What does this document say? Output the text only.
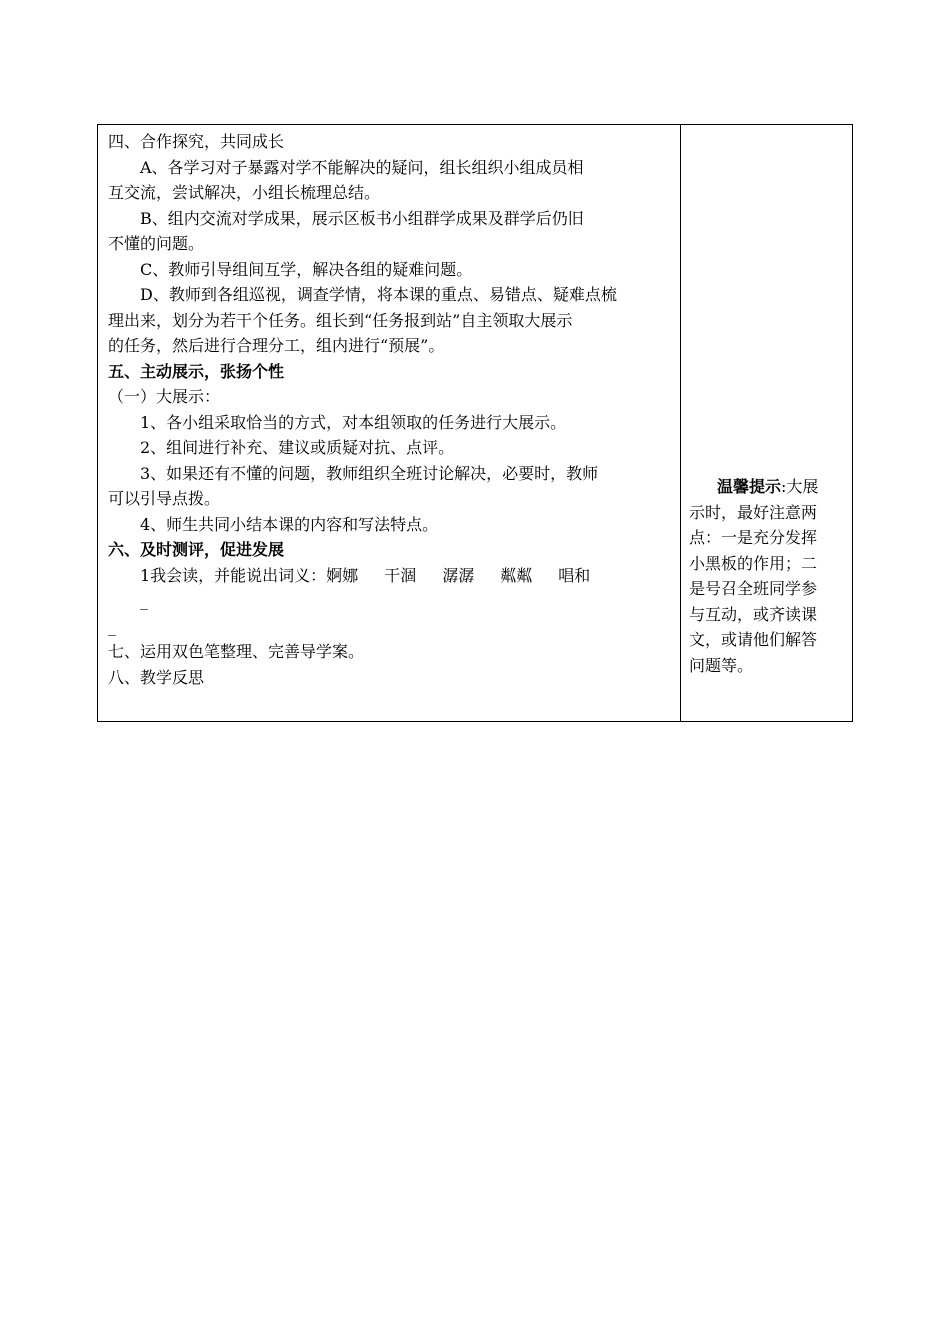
四、合作探究，共同成长
A、各学习对子暴露对学不能解决的疑问，组长组织小组成员相
互交流，尝试解决，小组长梳理总结。
B、组内交流对学成果，展示区板书小组群学成果及群学后仍旧
不懂的问题。
C、教师引导组间互学，解决各组的疑难问题。
D、教师到各组巡视，调查学情，将本课的重点、易错点、疑难点梳
理出来，划分为若干个任务。组长到“任务报到站”自主领取大展示
的任务，然后进行合理分工，组内进行“预展”。
五、主动展示，张扬个性
（一）大展示：
1、各小组采取恰当的方式，对本组领取的任务进行大展示。
2、组间进行补充、建议或质疑对抗、点评。
3、如果还有不懂的问题，教师组织全班讨论解决，必要时，教师
可以引导点拨。
4、师生共同小结本课的内容和写法特点。
六、及时测评，促进发展
1我会读，并能说出词义：婀娜 干涸 潺潺 粼粼 唱和
_
_
七、运用双色笔整理、完善导学案。
八、教学反思
温馨提示:大展
示时，最好注意两
点：一是充分发挥
小黑板的作用；二
是号召全班同学参
与互动，或齐读课
文，或请他们解答
问题等。
